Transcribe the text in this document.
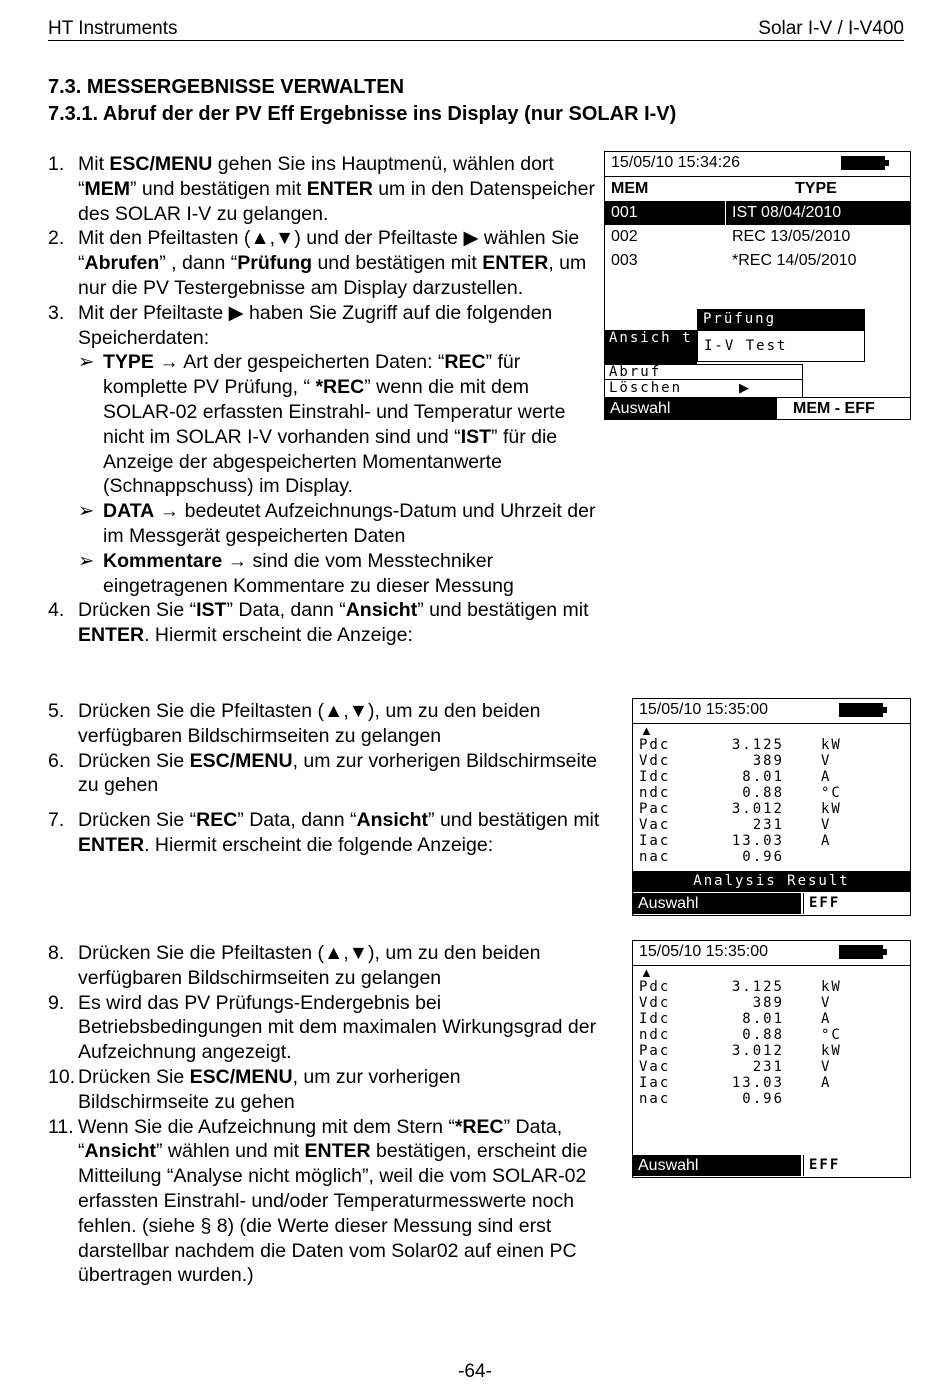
HT Instruments	Solar I-V / I-V400
7.3. MESSERGEBNISSE VERWALTEN
7.3.1. Abruf der der PV Eff Ergebnisse ins Display (nur SOLAR I-V)
1. Mit ESC/MENU gehen Sie ins Hauptmenü, wählen dort “MEM” und bestätigen mit ENTER um in den Datenspeicher des SOLAR I-V zu gelangen.
2. Mit den Pfeiltasten (▲,▼) und der Pfeiltaste ▶ wählen Sie “Abrufen” , dann “Prüfung und bestätigen mit ENTER, um nur die PV Testergebnisse am Display darzustellen.
3. Mit der Pfeiltaste ▶ haben Sie Zugriff auf die folgenden Speicherdaten:
➢ TYPE → Art der gespeicherten Daten: “REC” für komplette PV Prüfung, “ *REC” wenn die mit dem SOLAR-02 erfassten Einstrahl- und Temperatur werte nicht im SOLAR I-V vorhanden sind und “IST” für die Anzeige der abgespeicherten Momentanwerte (Schnappschuss) im Display.
➢ DATA → bedeutet Aufzeichnungs-Datum und Uhrzeit der im Messgerät gespeicherten Daten
➢ Kommentare → sind die vom Messtechniker eingetragenen Kommentare zu dieser Messung
4. Drücken Sie “IST” Data, dann “Ansicht” und bestätigen mit ENTER. Hiermit erscheint die Anzeige:
5. Drücken Sie die Pfeiltasten (▲,▼), um zu den beiden verfügbaren Bildschirmseiten zu gelangen
6. Drücken Sie ESC/MENU, um zur vorherigen Bildschirmseite zu gehen
7. Drücken Sie “REC” Data, dann “Ansicht” und bestätigen mit ENTER. Hiermit erscheint die folgende Anzeige:
8. Drücken Sie die Pfeiltasten (▲,▼), um zu den beiden verfügbaren Bildschirmseiten zu gelangen
9. Es wird das PV Prüfungs-Endergebnis bei Betriebsbedingungen mit dem maximalen Wirkungsgrad der Aufzeichnung angezeigt.
10. Drücken Sie ESC/MENU, um zur vorherigen Bildschirmseite zu gehen
11. Wenn Sie die Aufzeichnung mit dem Stern “*REC” Data, “Ansicht” wählen und mit ENTER bestätigen, erscheint die Mitteilung “Analyse nicht möglich”, weil die vom SOLAR-02 erfassten Einstrahl- und/oder Temperaturmesswerte noch fehlen. (siehe § 8) (die Werte dieser Messung sind erst darstellbar nachdem die Daten vom Solar02 auf einen PC übertragen wurden.)
15/05/10 15:34:26
MEM	TYPE
001	IST 08/04/2010
002	REC 13/05/2010
003	*REC 14/05/2010
Ansich t
Abruf
Löschen	▶
Prüfung
I-V Test
Auswahl	MEM - EFF
15/05/10 15:35:00
▲
Pdc	3.125	kW
Vdc	389	V
Idc	8.01	A
ndc	0.88	°C
Pac	3.012	kW
Vac	231	V
Iac	13.03	A
nac	0.96
Analysis Result
Auswahl	EFF
15/05/10 15:35:00
▲
Pdc	3.125	kW
Vdc	389	V
Idc	8.01	A
ndc	0.88	°C
Pac	3.012	kW
Vac	231	V
Iac	13.03	A
nac	0.96
Auswahl	EFF
-64-
